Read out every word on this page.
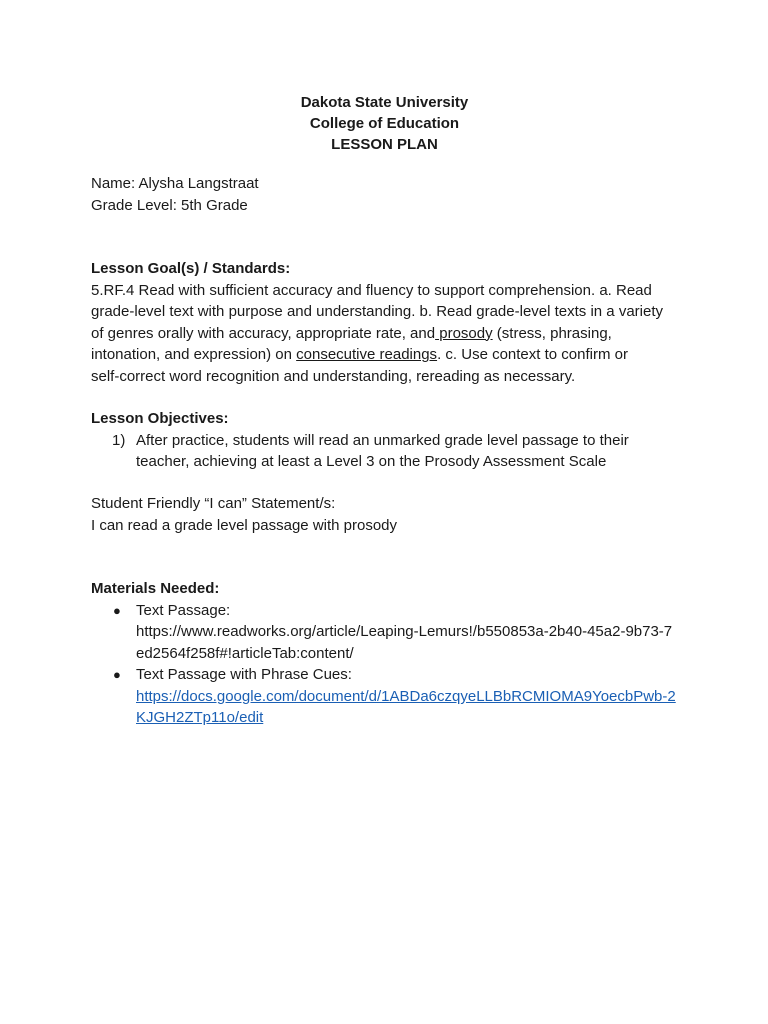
Dakota State University
College of Education
LESSON PLAN
Name: Alysha Langstraat
Grade Level: 5th Grade
Lesson Goal(s) / Standards:
5.RF.4 Read with sufficient accuracy and fluency to support comprehension. a. Read
grade-level text with purpose and understanding. b. Read grade-level texts in a variety
of genres orally with accuracy, appropriate rate, and prosody (stress, phrasing,
intonation, and expression) on consecutive readings. c. Use context to confirm or
self-correct word recognition and understanding, rereading as necessary.
Lesson Objectives:
1) After practice, students will read an unmarked grade level passage to their
teacher, achieving at least a Level 3 on the Prosody Assessment Scale
Student Friendly “I can” Statement/s:
I can read a grade level passage with prosody
Materials Needed:
● Text Passage:
https://www.readworks.org/article/Leaping-Lemurs!/b550853a-2b40-45a2-9b73-7
ed2564f258f#!articleTab:content/
● Text Passage with Phrase Cues:
https://docs.google.com/document/d/1ABDa6czqyeLLBbRCMIOMA9YoecbPwb-2
KJGH2ZTp11o/edit
